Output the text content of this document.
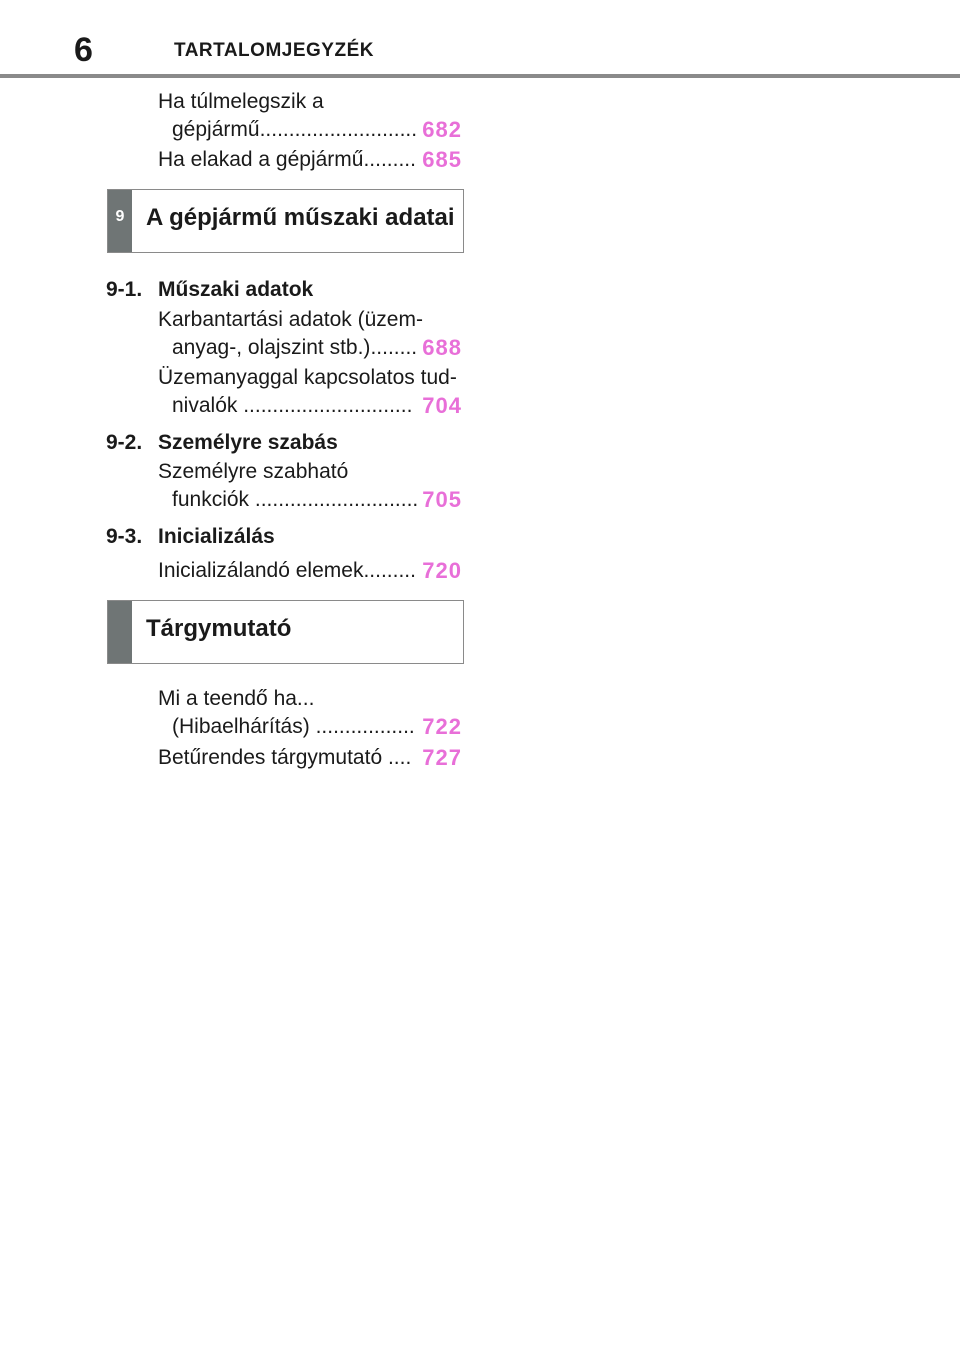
6	TARTALOMJEGYZÉK
Ha túlmelegszik a
gépjármű........................... 682
Ha elakad a gépjármű......... 685
9 A gépjármű műszaki adatai
9-1. Műszaki adatok
Karbantartási adatok (üzem-
anyag-, olajszint stb.)........ 688
Üzemanyaggal kapcsolatos tud-
nivalók ............................. 704
9-2. Személyre szabás
Személyre szabható
funkciók ............................ 705
9-3. Inicializálás
Inicializálandó elemek......... 720
Tárgymutató
Mi a teendő ha...
(Hibaelhárítás) ................. 722
Betűrendes tárgymutató .... 727
